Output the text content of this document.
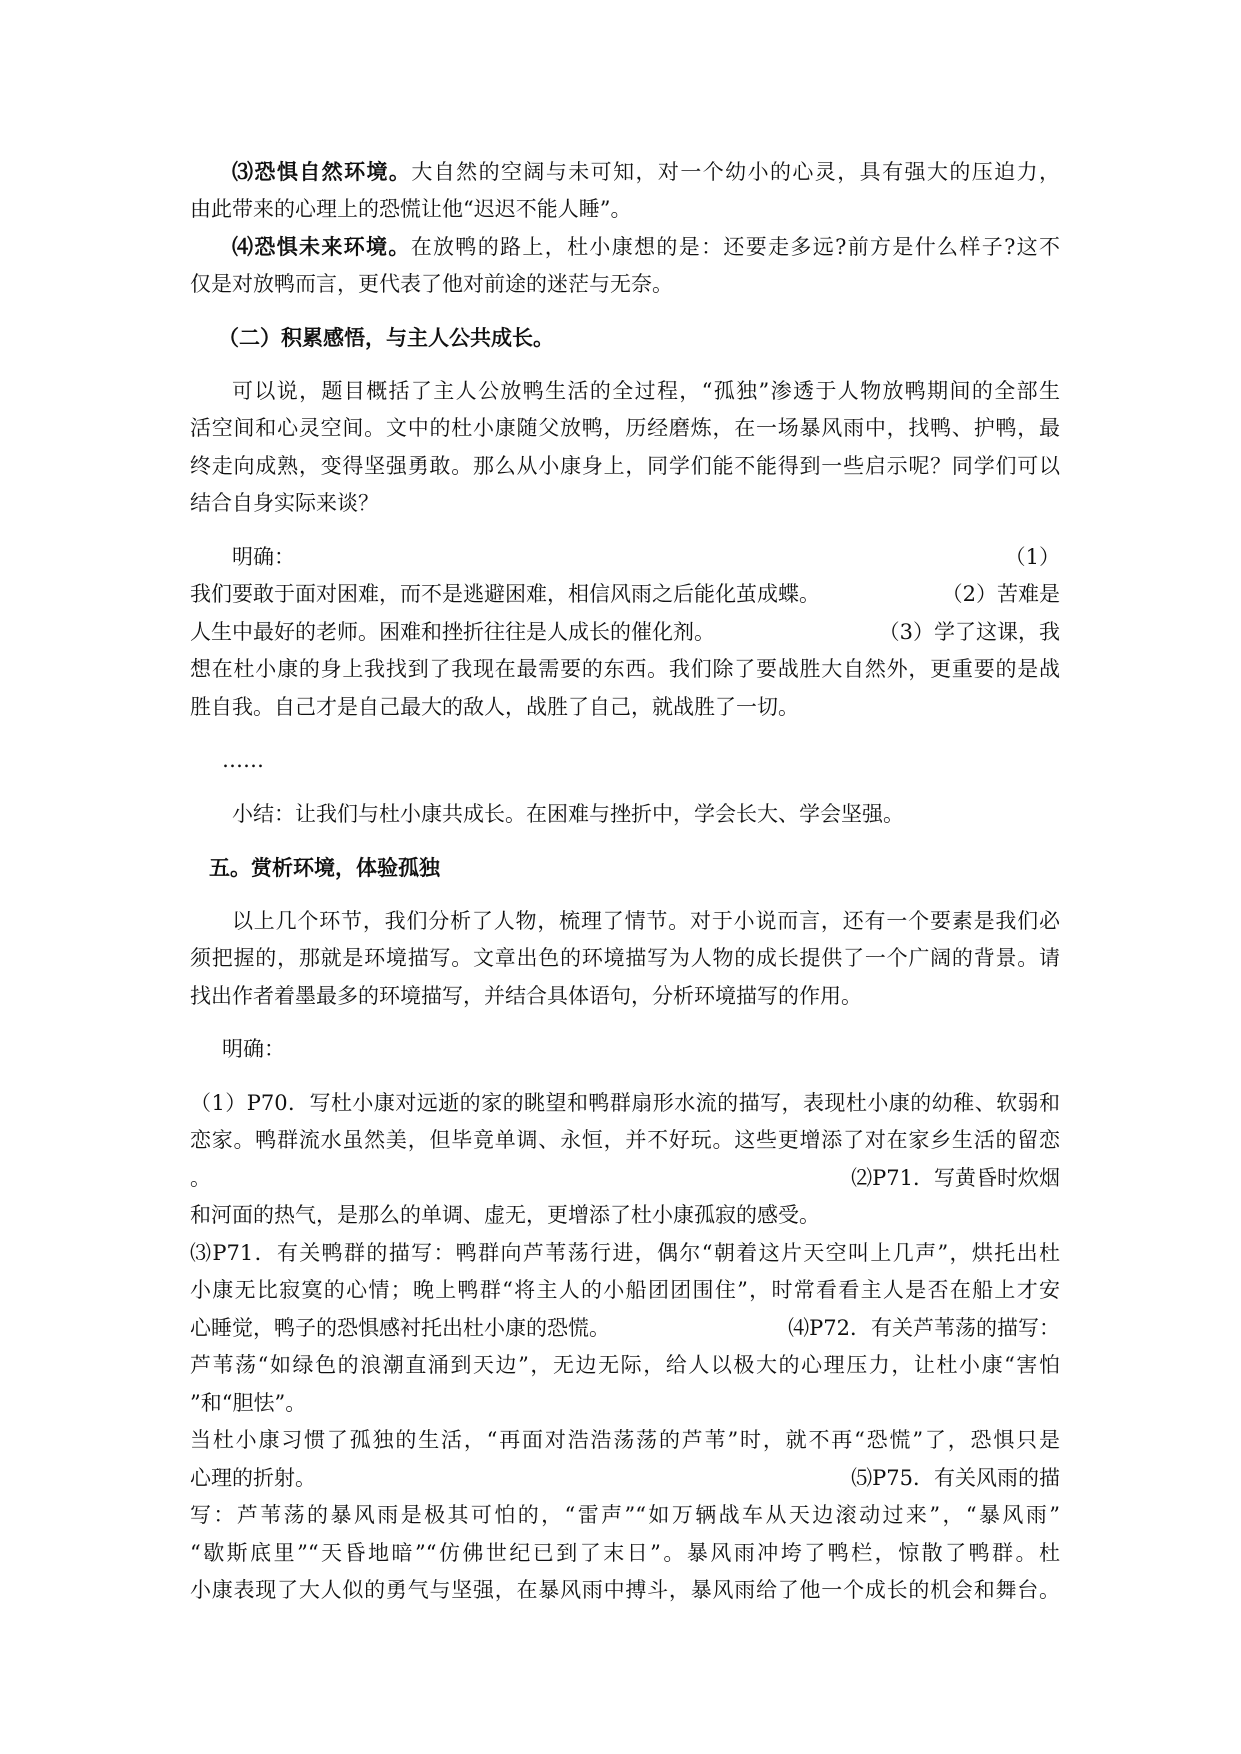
⑶恐惧自然环境。大自然的空阔与未可知，对一个幼小的心灵，具有强大的压迫力，
由此带来的心理上的恐慌让他“迟迟不能人睡”。
⑷恐惧未来环境。在放鸭的路上，杜小康想的是：还要走多远?前方是什么样子?这不
仅是对放鸭而言，更代表了他对前途的迷茫与无奈。
（二）积累感悟，与主人公共成长。
可以说，题目概括了主人公放鸭生活的全过程，“孤独”渗透于人物放鸭期间的全部生
活空间和心灵空间。文中的杜小康随父放鸭，历经磨炼，在一场暴风雨中，找鸭、护鸭，最
终走向成熟，变得坚强勇敢。那么从小康身上，同学们能不能得到一些启示呢？同学们可以
结合自身实际来谈？
明确：	（1）
我们要敢于面对困难，而不是逃避困难，相信风雨之后能化茧成蝶。	（2）苦难是
人生中最好的老师。困难和挫折往往是人成长的催化剂。	（3）学了这课，我
想在杜小康的身上我找到了我现在最需要的东西。我们除了要战胜大自然外，更重要的是战
胜自我。自己才是自己最大的敌人，战胜了自己，就战胜了一切。
……
小结：让我们与杜小康共成长。在困难与挫折中，学会长大、学会坚强。
五。赏析环境，体验孤独
以上几个环节，我们分析了人物，梳理了情节。对于小说而言，还有一个要素是我们必
须把握的，那就是环境描写。文章出色的环境描写为人物的成长提供了一个广阔的背景。请
找出作者着墨最多的环境描写，并结合具体语句，分析环境描写的作用。
明确：
（1）P70．写杜小康对远逝的家的眺望和鸭群扇形水流的描写，表现杜小康的幼稚、软弱和
恋家。鸭群流水虽然美，但毕竟单调、永恒，并不好玩。这些更增添了对在家乡生活的留恋
。	⑵P71．写黄昏时炊烟
和河面的热气，是那么的单调、虚无，更增添了杜小康孤寂的感受。
⑶P71．有关鸭群的描写：鸭群向芦苇荡行进，偶尔“朝着这片天空叫上几声”，烘托出杜
小康无比寂寞的心情；晚上鸭群“将主人的小船团团围住”，时常看看主人是否在船上才安
心睡觉，鸭子的恐惧感衬托出杜小康的恐慌。	⑷P72．有关芦苇荡的描写：
芦苇荡“如绿色的浪潮直涌到天边”，无边无际，给人以极大的心理压力，让杜小康“害怕
”和“胆怯”。
当杜小康习惯了孤独的生活，“再面对浩浩荡荡的芦苇”时，就不再“恐慌”了，恐惧只是
心理的折射。	⑸P75．有关风雨的描
写：芦苇荡的暴风雨是极其可怕的，“雷声”“如万辆战车从天边滚动过来”，“暴风雨”
“歇斯底里”“天昏地暗”“仿佛世纪已到了末日”。暴风雨冲垮了鸭栏，惊散了鸭群。杜
小康表现了大人似的勇气与坚强，在暴风雨中搏斗，暴风雨给了他一个成长的机会和舞台。
